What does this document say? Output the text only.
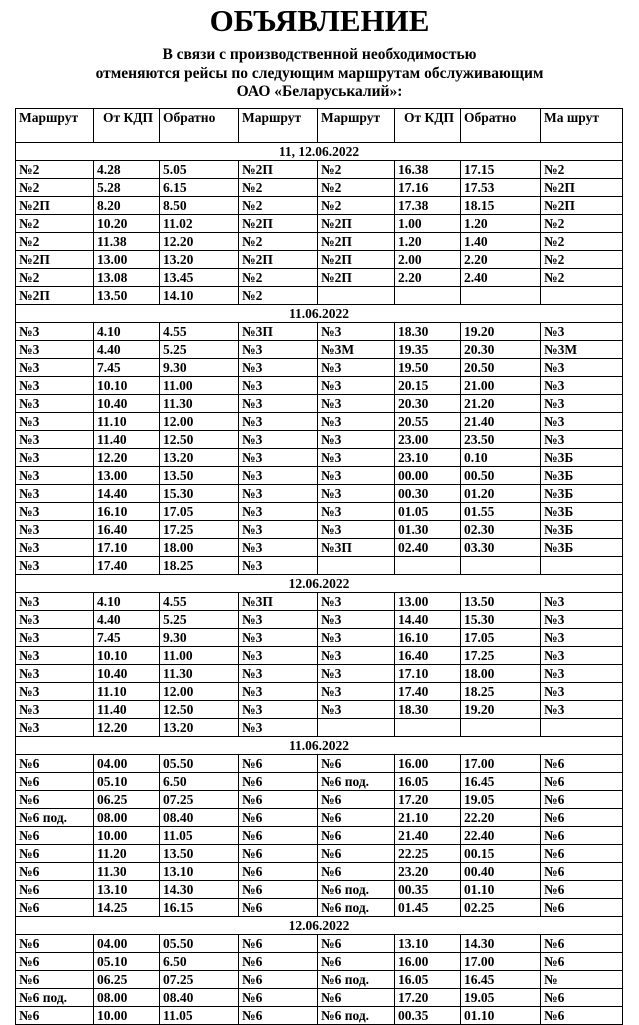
ОБЪЯВЛЕНИЕ
В связи с производственной необходимостью
отменяются рейсы по следующим маршрутам обслуживающим
ОАО «Беларуськалий»:
Маршрут	От КДП	Обратно	Маршрут	Маршрут	От КДП	Обратно	Ма шрут
11, 12.06.2022							
№2	4.28	5.05	№2П	№2	16.38	17.15	№2
№2	5.28	6.15	№2	№2	17.16	17.53	№2П
№2П	8.20	8.50	№2	№2	17.38	18.15	№2П
№2	10.20	11.02	№2П	№2П	1.00	1.20	№2
№2	11.38	12.20	№2	№2П	1.20	1.40	№2
№2П	13.00	13.20	№2П	№2П	2.00	2.20	№2
№2	13.08	13.45	№2	№2П	2.20	2.40	№2
№2П	13.50	14.10	№2				
11.06.2022							
№3	4.10	4.55	№3П	№3	18.30	19.20	№3
№3	4.40	5.25	№3	№3М	19.35	20.30	№3М
№3	7.45	9.30	№3	№3	19.50	20.50	№3
№3	10.10	11.00	№3	№3	20.15	21.00	№3
№3	10.40	11.30	№3	№3	20.30	21.20	№3
№3	11.10	12.00	№3	№3	20.55	21.40	№3
№3	11.40	12.50	№3	№3	23.00	23.50	№3
№3	12.20	13.20	№3	№3	23.10	0.10	№3Б
№3	13.00	13.50	№3	№3	00.00	00.50	№3Б
№3	14.40	15.30	№3	№3	00.30	01.20	№3Б
№3	16.10	17.05	№3	№3	01.05	01.55	№3Б
№3	16.40	17.25	№3	№3	01.30	02.30	№3Б
№3	17.10	18.00	№3	№3П	02.40	03.30	№3Б
№3	17.40	18.25	№3				
12.06.2022							
№3	4.10	4.55	№3П	№3	13.00	13.50	№3
№3	4.40	5.25	№3	№3	14.40	15.30	№3
№3	7.45	9.30	№3	№3	16.10	17.05	№3
№3	10.10	11.00	№3	№3	16.40	17.25	№3
№3	10.40	11.30	№3	№3	17.10	18.00	№3
№3	11.10	12.00	№3	№3	17.40	18.25	№3
№3	11.40	12.50	№3	№3	18.30	19.20	№3
№3	12.20	13.20	№3				
11.06.2022							
№6	04.00	05.50	№6	№6	16.00	17.00	№6
№6	05.10	6.50	№6	№6 под.	16.05	16.45	№6
№6	06.25	07.25	№6	№6	17.20	19.05	№6
№6 под.	08.00	08.40	№6	№6	21.10	22.20	№6
№6	10.00	11.05	№6	№6	21.40	22.40	№6
№6	11.20	13.50	№6	№6	22.25	00.15	№6
№6	11.30	13.10	№6	№6	23.20	00.40	№6
№6	13.10	14.30	№6	№6 под.	00.35	01.10	№6
№6	14.25	16.15	№6	№6 под.	01.45	02.25	№6
12.06.2022							
№6	04.00	05.50	№6	№6	13.10	14.30	№6
№6	05.10	6.50	№6	№6	16.00	17.00	№6
№6	06.25	07.25	№6	№6 под.	16.05	16.45	№
№6 под.	08.00	08.40	№6	№6	17.20	19.05	№6
№6	10.00	11.05	№6	№6 под.	00.35	01.10	№6
